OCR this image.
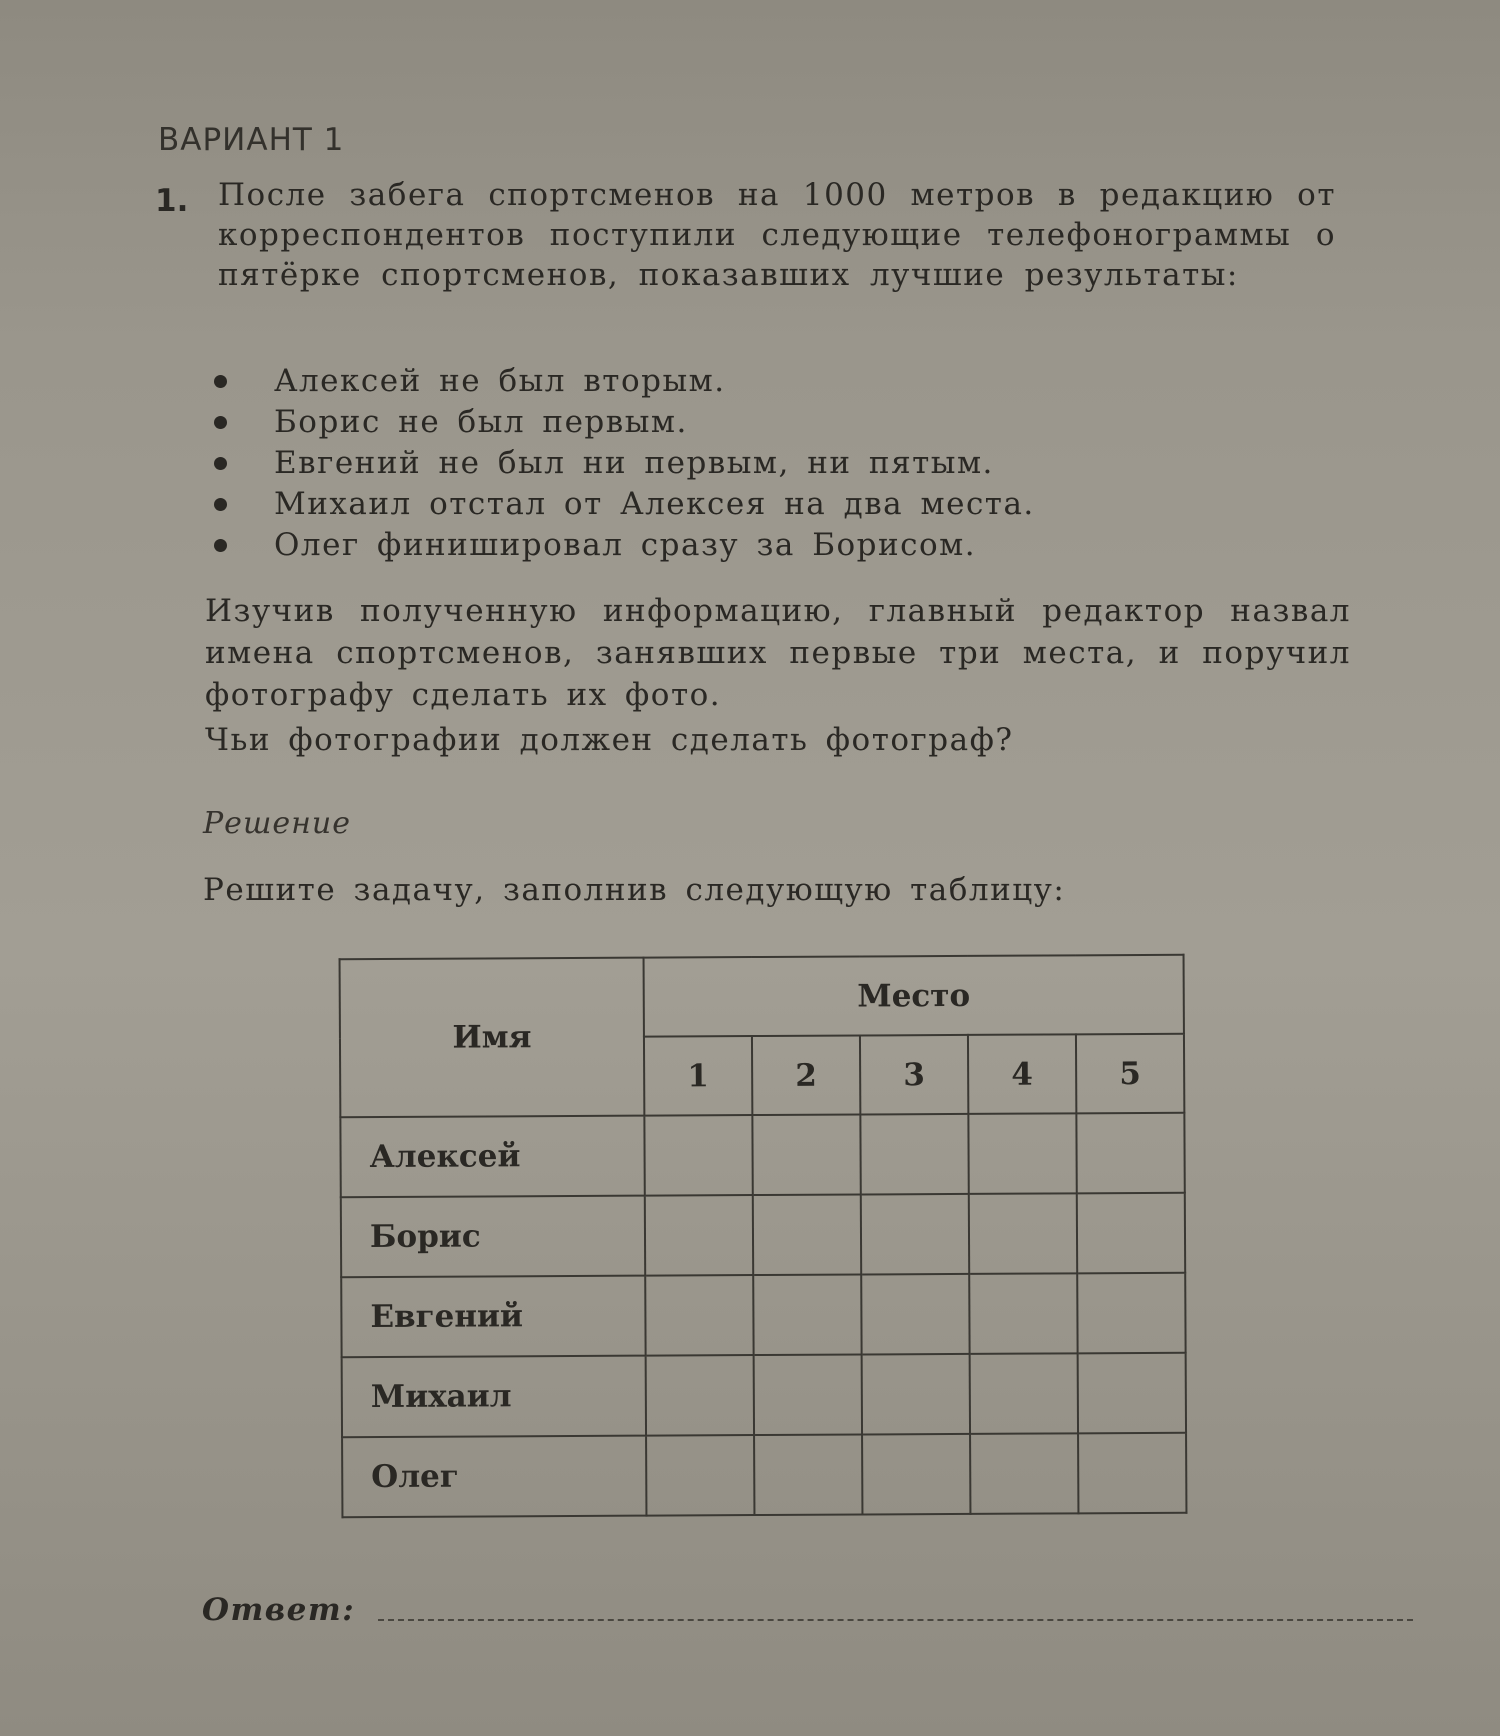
ВАРИАНТ 1
1. После забега спортсменов на 1000 метров в редакцию от корреспондентов поступили следующие телефонограммы о пятёрке спортсменов, показавших лучшие результаты:
Алексей не был вторым.
Борис не был первым.
Евгений не был ни первым, ни пятым.
Михаил отстал от Алексея на два места.
Олег финишировал сразу за Борисом.
Изучив полученную информацию, главный редактор назвал имена спортсменов, занявших первые три места, и поручил фотографу сделать их фото.
Чьи фотографии должен сделать фотограф?
Решение
Решите задачу, заполнив следующую таблицу:
Имя	Место				
	1	2	3	4	5
Алексей					
Борис					
Евгений					
Михаил					
Олег					
Ответ:
